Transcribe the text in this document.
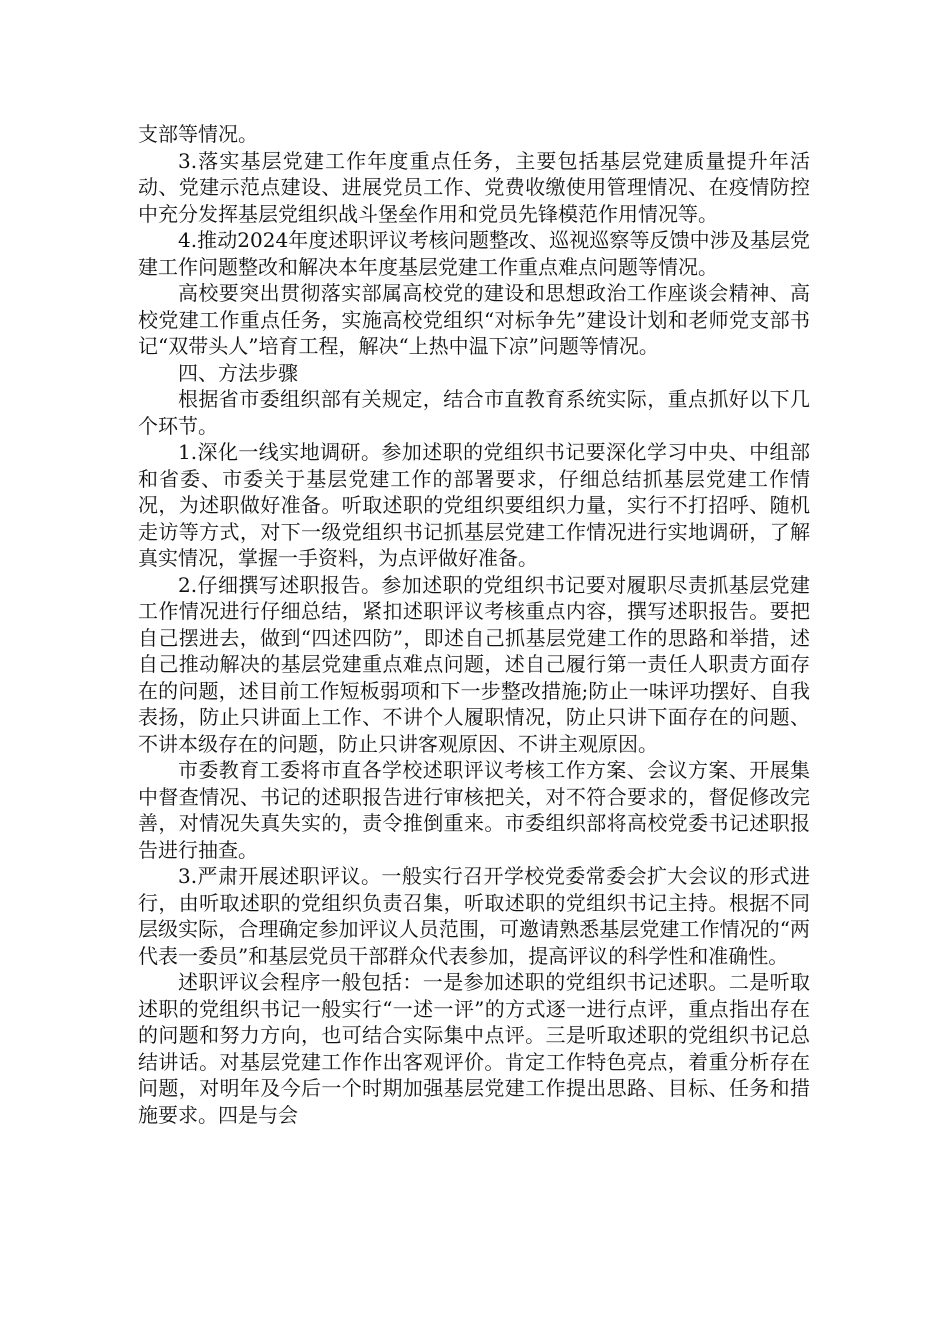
支部等情况。

3.落实基层党建工作年度重点任务，主要包括基层党建质量提升年活动、党建示范点建设、进展党员工作、党费收缴使用管理情况、在疫情防控中充分发挥基层党组织战斗堡垒作用和党员先锋模范作用情况等。

4.推动2024年度述职评议考核问题整改、巡视巡察等反馈中涉及基层党建工作问题整改和解决本年度基层党建工作重点难点问题等情况。

高校要突出贯彻落实部属高校党的建设和思想政治工作座谈会精神、高校党建工作重点任务，实施高校党组织“对标争先”建设计划和老师党支部书记“双带头人”培育工程，解决“上热中温下凉”问题等情况。

四、方法步骤

根据省市委组织部有关规定，结合市直教育系统实际，重点抓好以下几个环节。

1.深化一线实地调研。参加述职的党组织书记要深化学习中央、中组部和省委、市委关于基层党建工作的部署要求，仔细总结抓基层党建工作情况，为述职做好准备。听取述职的党组织要组织力量，实行不打招呼、随机走访等方式，对下一级党组织书记抓基层党建工作情况进行实地调研，了解真实情况，掌握一手资料，为点评做好准备。

2.仔细撰写述职报告。参加述职的党组织书记要对履职尽责抓基层党建工作情况进行仔细总结，紧扣述职评议考核重点内容，撰写述职报告。要把自己摆进去，做到“四述四防”，即述自己抓基层党建工作的思路和举措，述自己推动解决的基层党建重点难点问题，述自己履行第一责任人职责方面存在的问题，述目前工作短板弱项和下一步整改措施;防止一味评功摆好、自我表扬，防止只讲面上工作、不讲个人履职情况，防止只讲下面存在的问题、不讲本级存在的问题，防止只讲客观原因、不讲主观原因。

市委教育工委将市直各学校述职评议考核工作方案、会议方案、开展集中督查情况、书记的述职报告进行审核把关，对不符合要求的，督促修改完善，对情况失真失实的，责令推倒重来。市委组织部将高校党委书记述职报告进行抽查。

3.严肃开展述职评议。一般实行召开学校党委常委会扩大会议的形式进行，由听取述职的党组织负责召集，听取述职的党组织书记主持。根据不同层级实际，合理确定参加评议人员范围，可邀请熟悉基层党建工作情况的“两代表一委员”和基层党员干部群众代表参加，提高评议的科学性和准确性。

述职评议会程序一般包括：一是参加述职的党组织书记述职。二是听取述职的党组织书记一般实行“一述一评”的方式逐一进行点评，重点指出存在的问题和努力方向，也可结合实际集中点评。三是听取述职的党组织书记总结讲话。对基层党建工作作出客观评价。肯定工作特色亮点，着重分析存在问题，对明年及今后一个时期加强基层党建工作提出思路、目标、任务和措施要求。四是与会
